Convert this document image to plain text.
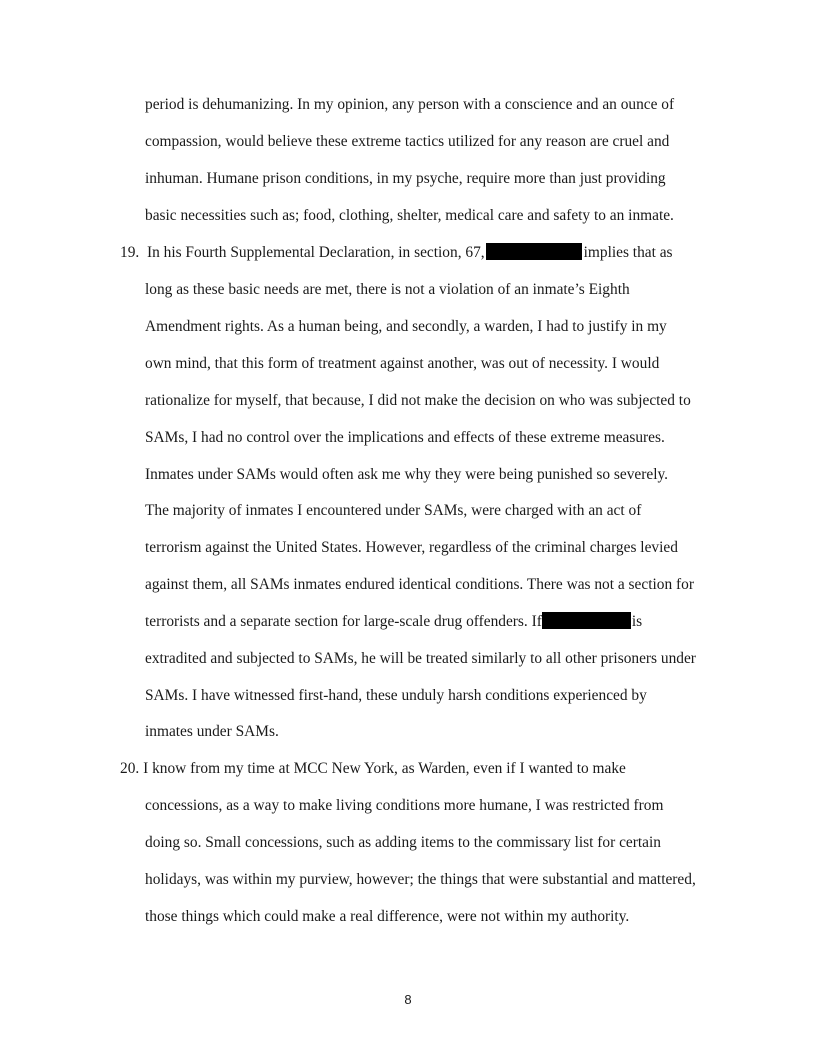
period is dehumanizing. In my opinion, any person with a conscience and an ounce of
compassion, would believe these extreme tactics utilized for any reason are cruel and
inhuman. Humane prison conditions, in my psyche, require more than just providing
basic necessities such as; food, clothing, shelter, medical care and safety to an inmate.
19. In his Fourth Supplemental Declaration, in section, 67,	implies that as
long as these basic needs are met, there is not a violation of an inmate’s Eighth
Amendment rights. As a human being, and secondly, a warden, I had to justify in my
own mind, that this form of treatment against another, was out of necessity. I would
rationalize for myself, that because, I did not make the decision on who was subjected to
SAMs, I had no control over the implications and effects of these extreme measures.
Inmates under SAMs would often ask me why they were being punished so severely.
The majority of inmates I encountered under SAMs, were charged with an act of
terrorism against the United States. However, regardless of the criminal charges levied
against them, all SAMs inmates endured identical conditions. There was not a section for
terrorists and a separate section for large-scale drug offenders. If	is
extradited and subjected to SAMs, he will be treated similarly to all other prisoners under
SAMs. I have witnessed first-hand, these unduly harsh conditions experienced by
inmates under SAMs.
20. I know from my time at MCC New York, as Warden, even if I wanted to make
concessions, as a way to make living conditions more humane, I was restricted from
doing so. Small concessions, such as adding items to the commissary list for certain
holidays, was within my purview, however; the things that were substantial and mattered,
those things which could make a real difference, were not within my authority.
8
